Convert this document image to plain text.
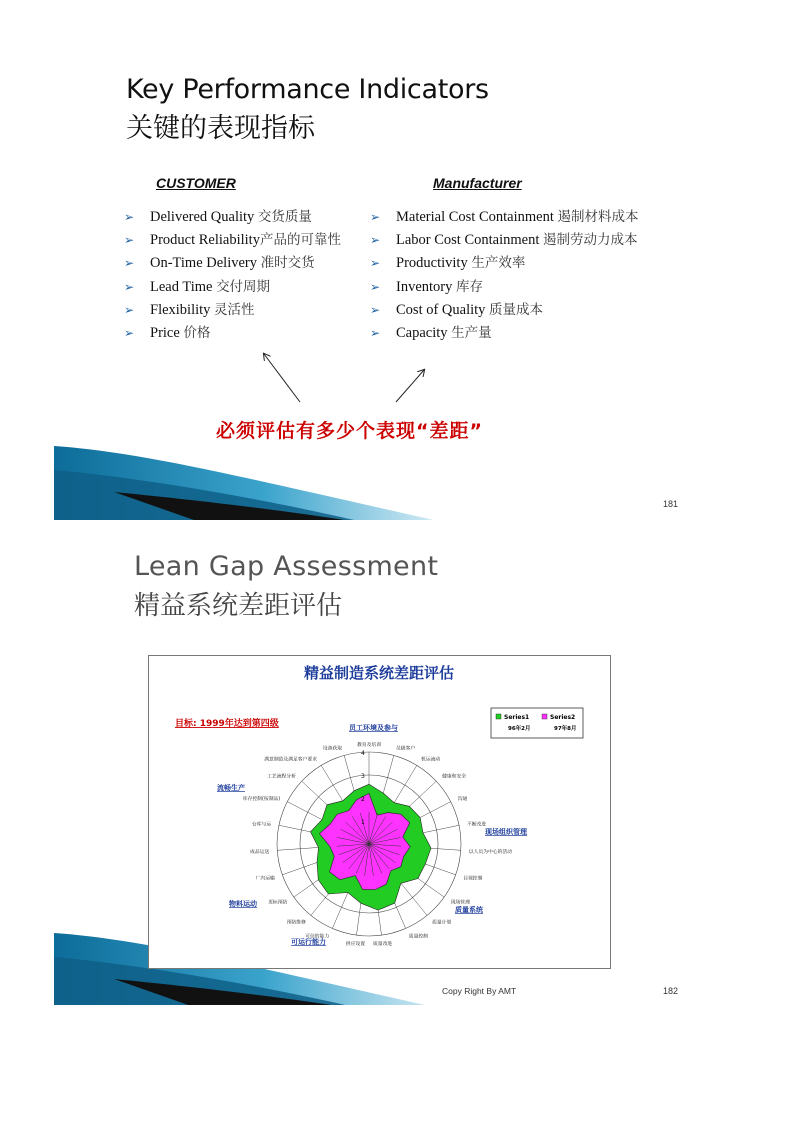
Key Performance Indicators
关键的表现指标
CUSTOMER	Manufacturer
➢ Delivered Quality 交货质量
➢ Product Reliability产品的可靠性
➢ On-Time Delivery 准时交货
➢ Lead Time 交付周期
➢ Flexibility 灵活性
➢ Price 价格
➢ Material Cost Containment 遏制材料成本
➢ Labor Cost Containment 遏制劳动力成本
➢ Productivity 生产效率
➢ Inventory 库存
➢ Cost of Quality 质量成本
➢ Capacity 生产量
必须评估有多少个表现“差距”
181
Lean Gap Assessment
精益系统差距评估
精益制造系统差距评估
目标: 1999年达到第四级
1
2
3
4
教育及培训
员级客户
机运流动
健康和安全
沟通
不断改进
以人员为中心的活动
目视控制
现场管理
质量计划
质量控制
质量改进
供应设置
可信的能力
预防维修
更标预防
厂内运输
成品运送
仓库与运
库存控制(按制品)
工艺流程分析
满意制造及满足客户要求
设备获取
员工环境及参与
现场组织管理
质量系统
可运行能力
物料运动
流畅生产
Series1
96年2月
Series2
97年8月
Copy Right By AMT	182
